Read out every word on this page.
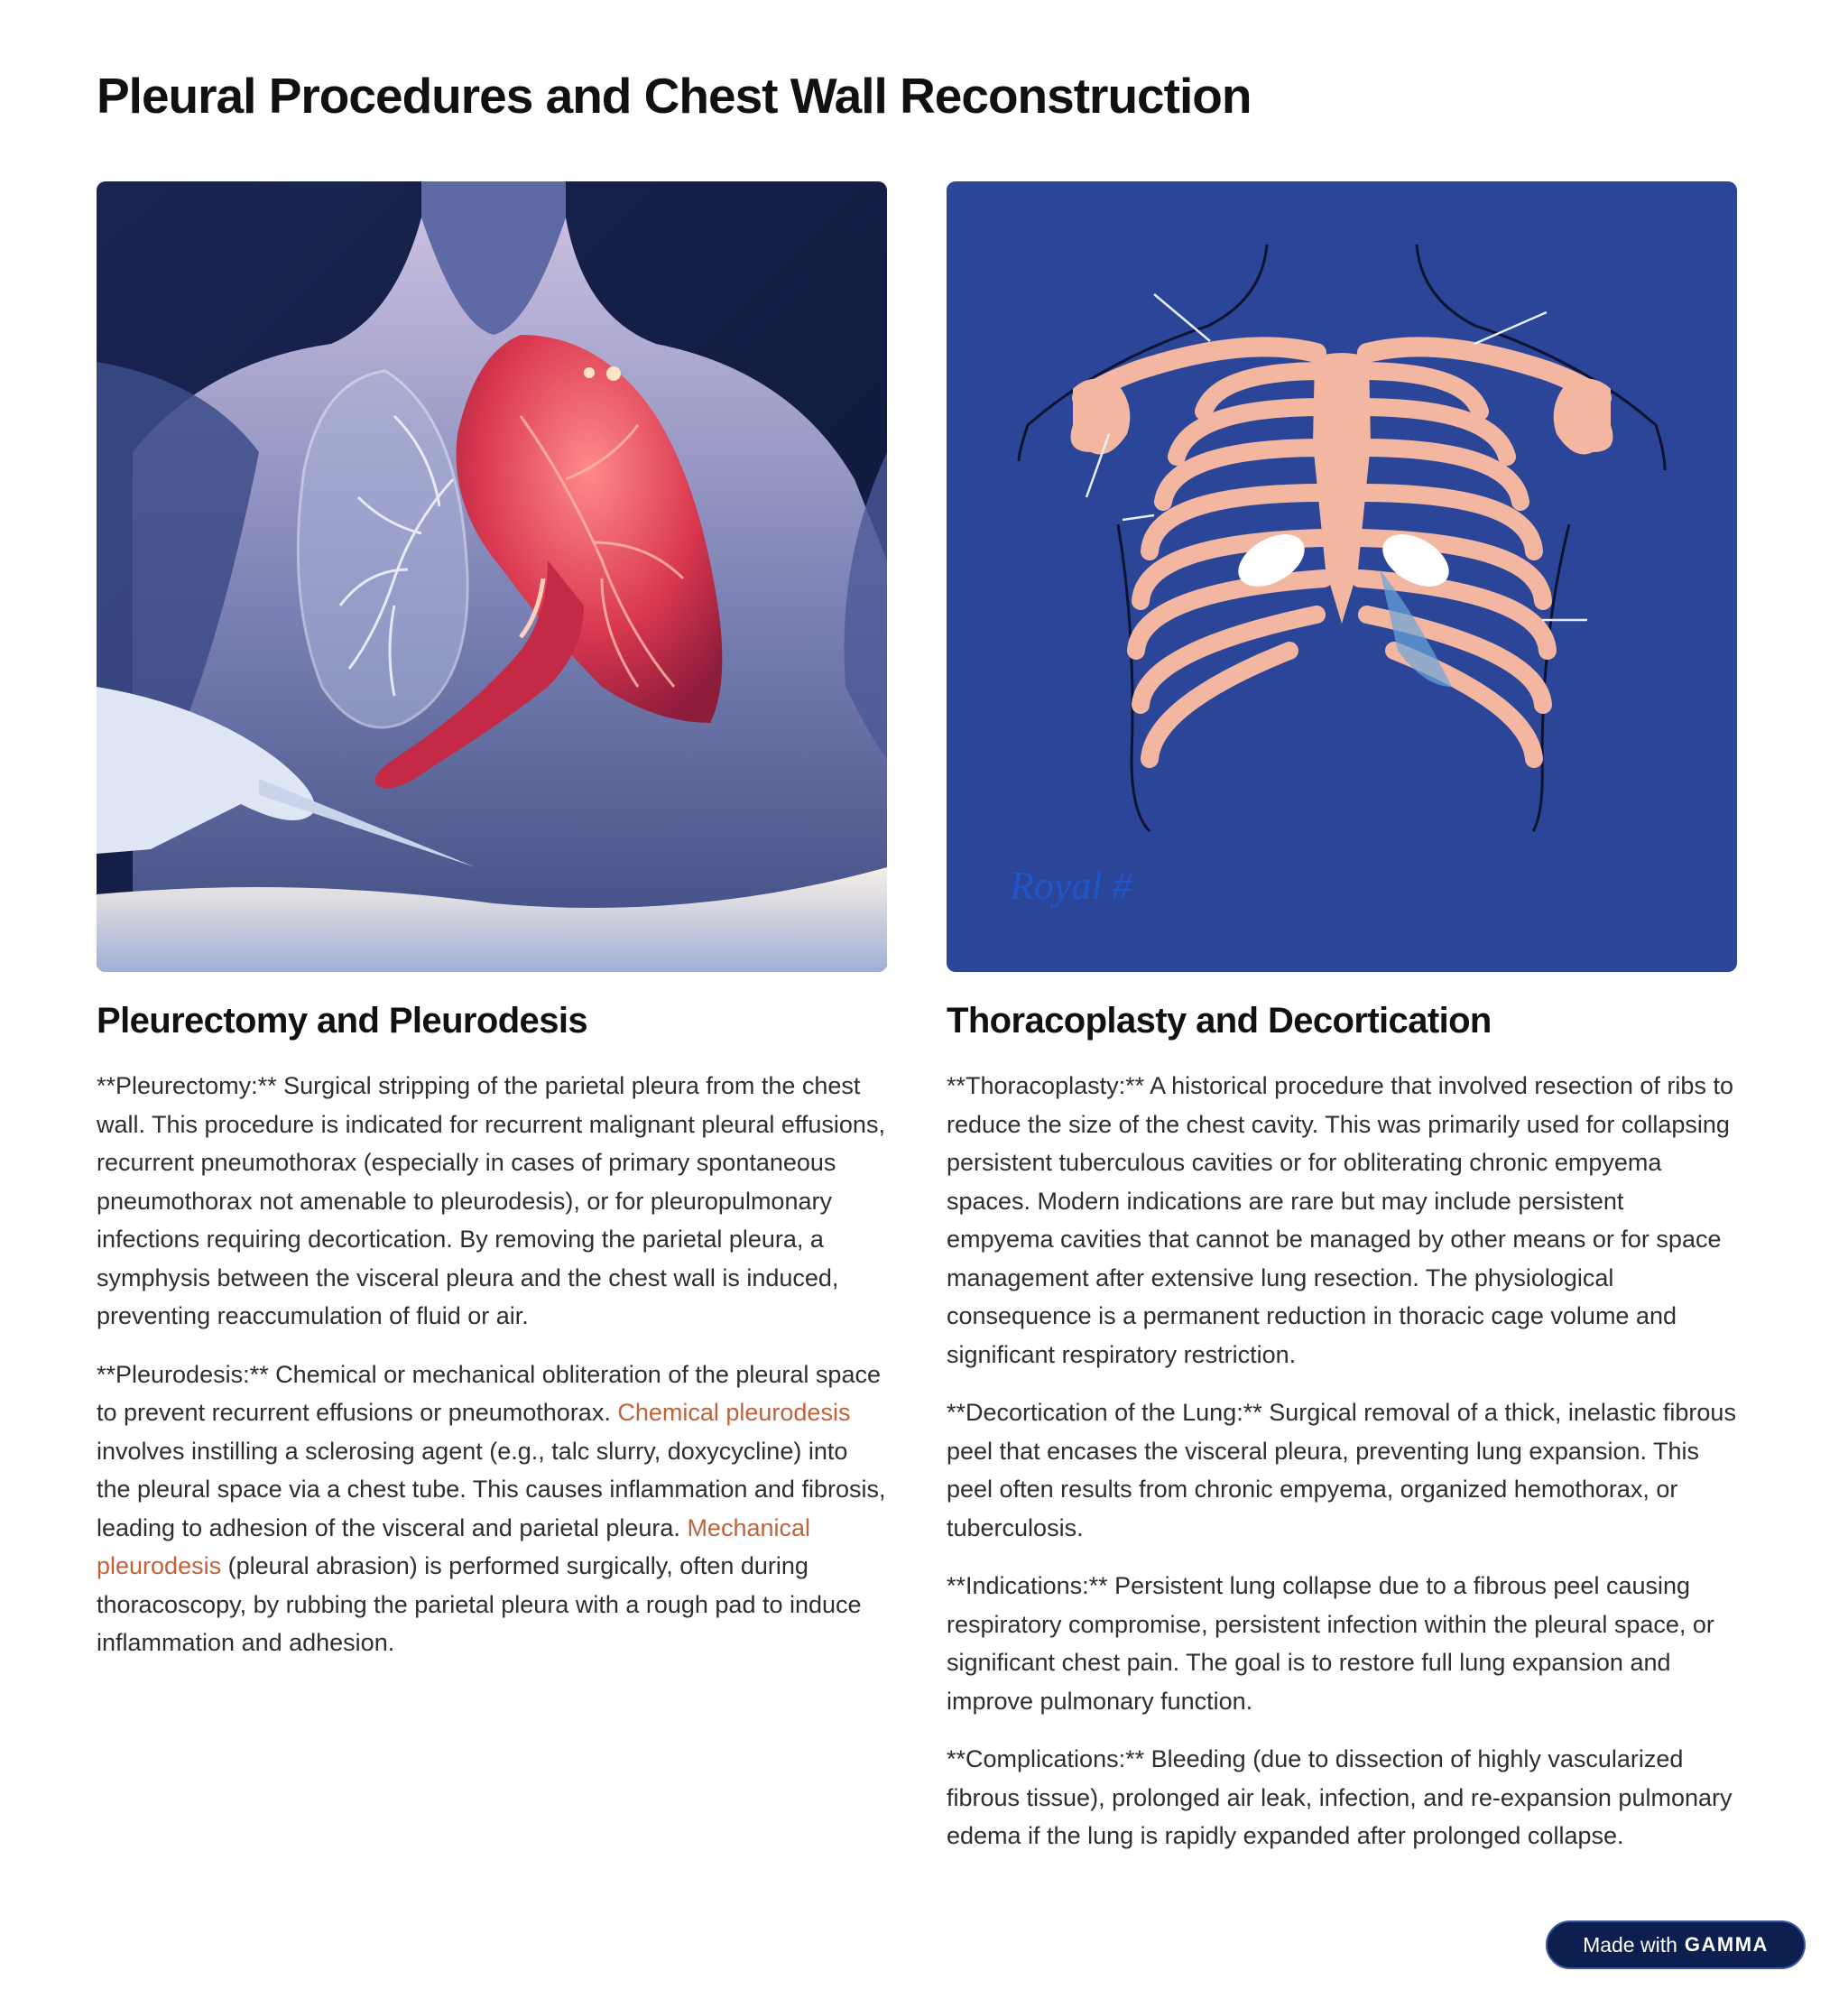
Pleural Procedures and Chest Wall Reconstruction
Pleurectomy and Pleurodesis

**Pleurectomy:** Surgical stripping of the parietal pleura from the chest wall. This procedure is indicated for recurrent malignant pleural effusions, recurrent pneumothorax (especially in cases of primary spontaneous pneumothorax not amenable to pleurodesis), or for pleuropulmonary infections requiring decortication. By removing the parietal pleura, a symphysis between the visceral pleura and the chest wall is induced, preventing reaccumulation of fluid or air.

**Pleurodesis:** Chemical or mechanical obliteration of the pleural space to prevent recurrent effusions or pneumothorax. Chemical pleurodesis involves instilling a sclerosing agent (e.g., talc slurry, doxycycline) into the pleural space via a chest tube. This causes inflammation and fibrosis, leading to adhesion of the visceral and parietal pleura. Mechanical pleurodesis (pleural abrasion) is performed surgically, often during thoracoscopy, by rubbing the parietal pleura with a rough pad to induce inflammation and adhesion.

Royal #
Thoracoplasty and Decortication

**Thoracoplasty:** A historical procedure that involved resection of ribs to reduce the size of the chest cavity. This was primarily used for collapsing persistent tuberculous cavities or for obliterating chronic empyema spaces. Modern indications are rare but may include persistent empyema cavities that cannot be managed by other means or for space management after extensive lung resection. The physiological consequence is a permanent reduction in thoracic cage volume and significant respiratory restriction.

**Decortication of the Lung:** Surgical removal of a thick, inelastic fibrous peel that encases the visceral pleura, preventing lung expansion. This peel often results from chronic empyema, organized hemothorax, or tuberculosis.

**Indications:** Persistent lung collapse due to a fibrous peel causing respiratory compromise, persistent infection within the pleural space, or significant chest pain. The goal is to restore full lung expansion and improve pulmonary function.

**Complications:** Bleeding (due to dissection of highly vascularized fibrous tissue), prolonged air leak, infection, and re-expansion pulmonary edema if the lung is rapidly expanded after prolonged collapse.

Made with GAMMA
